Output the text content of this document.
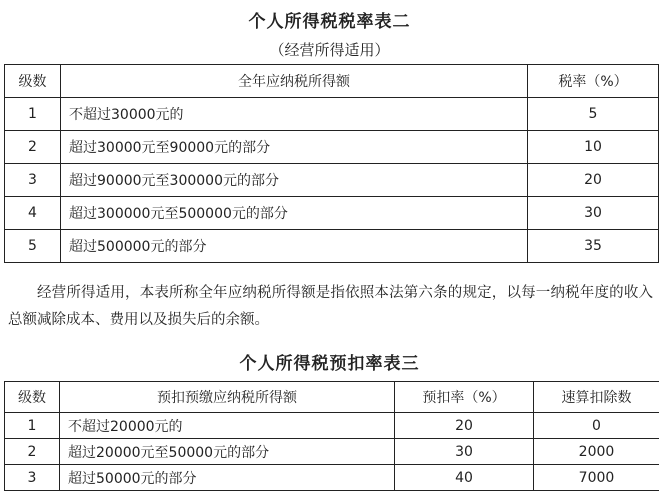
个人所得税税率表二
（经营所得适用）
级数	全年应纳税所得额	税率（%）
1	不超过30000元的	5
2	超过30000元至90000元的部分	10
3	超过90000元至300000元的部分	20
4	超过300000元至500000元的部分	30
5	超过500000元的部分	35
经营所得适用，本表所称全年应纳税所得额是指依照本法第六条的规定，以每一纳税年度的收入总额减除成本、费用以及损失后的余额。
个人所得税预扣率表三
级数	预扣预缴应纳税所得额	预扣率（%）	速算扣除数
1	不超过20000元的	20	0
2	超过20000元至50000元的部分	30	2000
3	超过50000元的部分	40	7000
